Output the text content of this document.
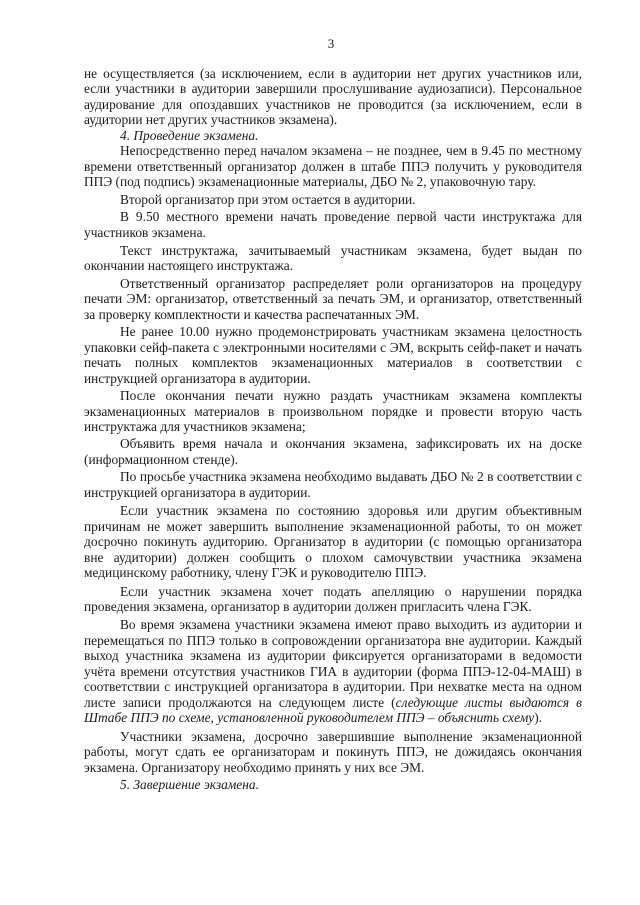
3

не осуществляется (за исключением, если в аудитории нет других участников или, если участники в аудитории завершили прослушивание аудиозаписи). Персональное аудирование для опоздавших участников не проводится (за исключением, если в аудитории нет других участников экзамена).

4. Проведение экзамена.

Непосредственно перед началом экзамена – не позднее, чем в 9.45 по местному времени ответственный организатор должен в штабе ППЭ получить у руководителя ППЭ (под подпись) экзаменационные материалы, ДБО № 2, упаковочную тару.

Второй организатор при этом остается в аудитории.

В 9.50 местного времени начать проведение первой части инструктажа для участников экзамена.

Текст инструктажа, зачитываемый участникам экзамена, будет выдан по окончании настоящего инструктажа.

Ответственный организатор распределяет роли организаторов на процедуру печати ЭМ: организатор, ответственный за печать ЭМ, и организатор, ответственный за проверку комплектности и качества распечатанных ЭМ.

Не ранее 10.00 нужно продемонстрировать участникам экзамена целостность упаковки сейф-пакета с электронными носителями с ЭМ, вскрыть сейф-пакет и начать печать полных комплектов экзаменационных материалов в соответствии с инструкцией организатора в аудитории.

После окончания печати нужно раздать участникам экзамена комплекты экзаменационных материалов в произвольном порядке и провести вторую часть инструктажа для участников экзамена;

Объявить время начала и окончания экзамена, зафиксировать их на доске (информационном стенде).

По просьбе участника экзамена необходимо выдавать ДБО № 2 в соответствии с инструкцией организатора в аудитории.

Если участник экзамена по состоянию здоровья или другим объективным причинам не может завершить выполнение экзаменационной работы, то он может досрочно покинуть аудиторию. Организатор в аудитории (с помощью организатора вне аудитории) должен сообщить о плохом самочувствии участника экзамена медицинскому работнику, члену ГЭК и руководителю ППЭ.

Если участник экзамена хочет подать апелляцию о нарушении порядка проведения экзамена, организатор в аудитории должен пригласить члена ГЭК.

Во время экзамена участники экзамена имеют право выходить из аудитории и перемещаться по ППЭ только в сопровождении организатора вне аудитории. Каждый выход участника экзамена из аудитории фиксируется организаторами в ведомости учёта времени отсутствия участников ГИА в аудитории (форма ППЭ-12-04-МАШ) в соответствии с инструкцией организатора в аудитории. При нехватке места на одном листе записи продолжаются на следующем листе (следующие листы выдаются в Штабе ППЭ по схеме, установленной руководителем ППЭ – объяснить схему).

Участники экзамена, досрочно завершившие выполнение экзаменационной работы, могут сдать ее организаторам и покинуть ППЭ, не дожидаясь окончания экзамена. Организатору необходимо принять у них все ЭМ.

5. Завершение экзамена.
